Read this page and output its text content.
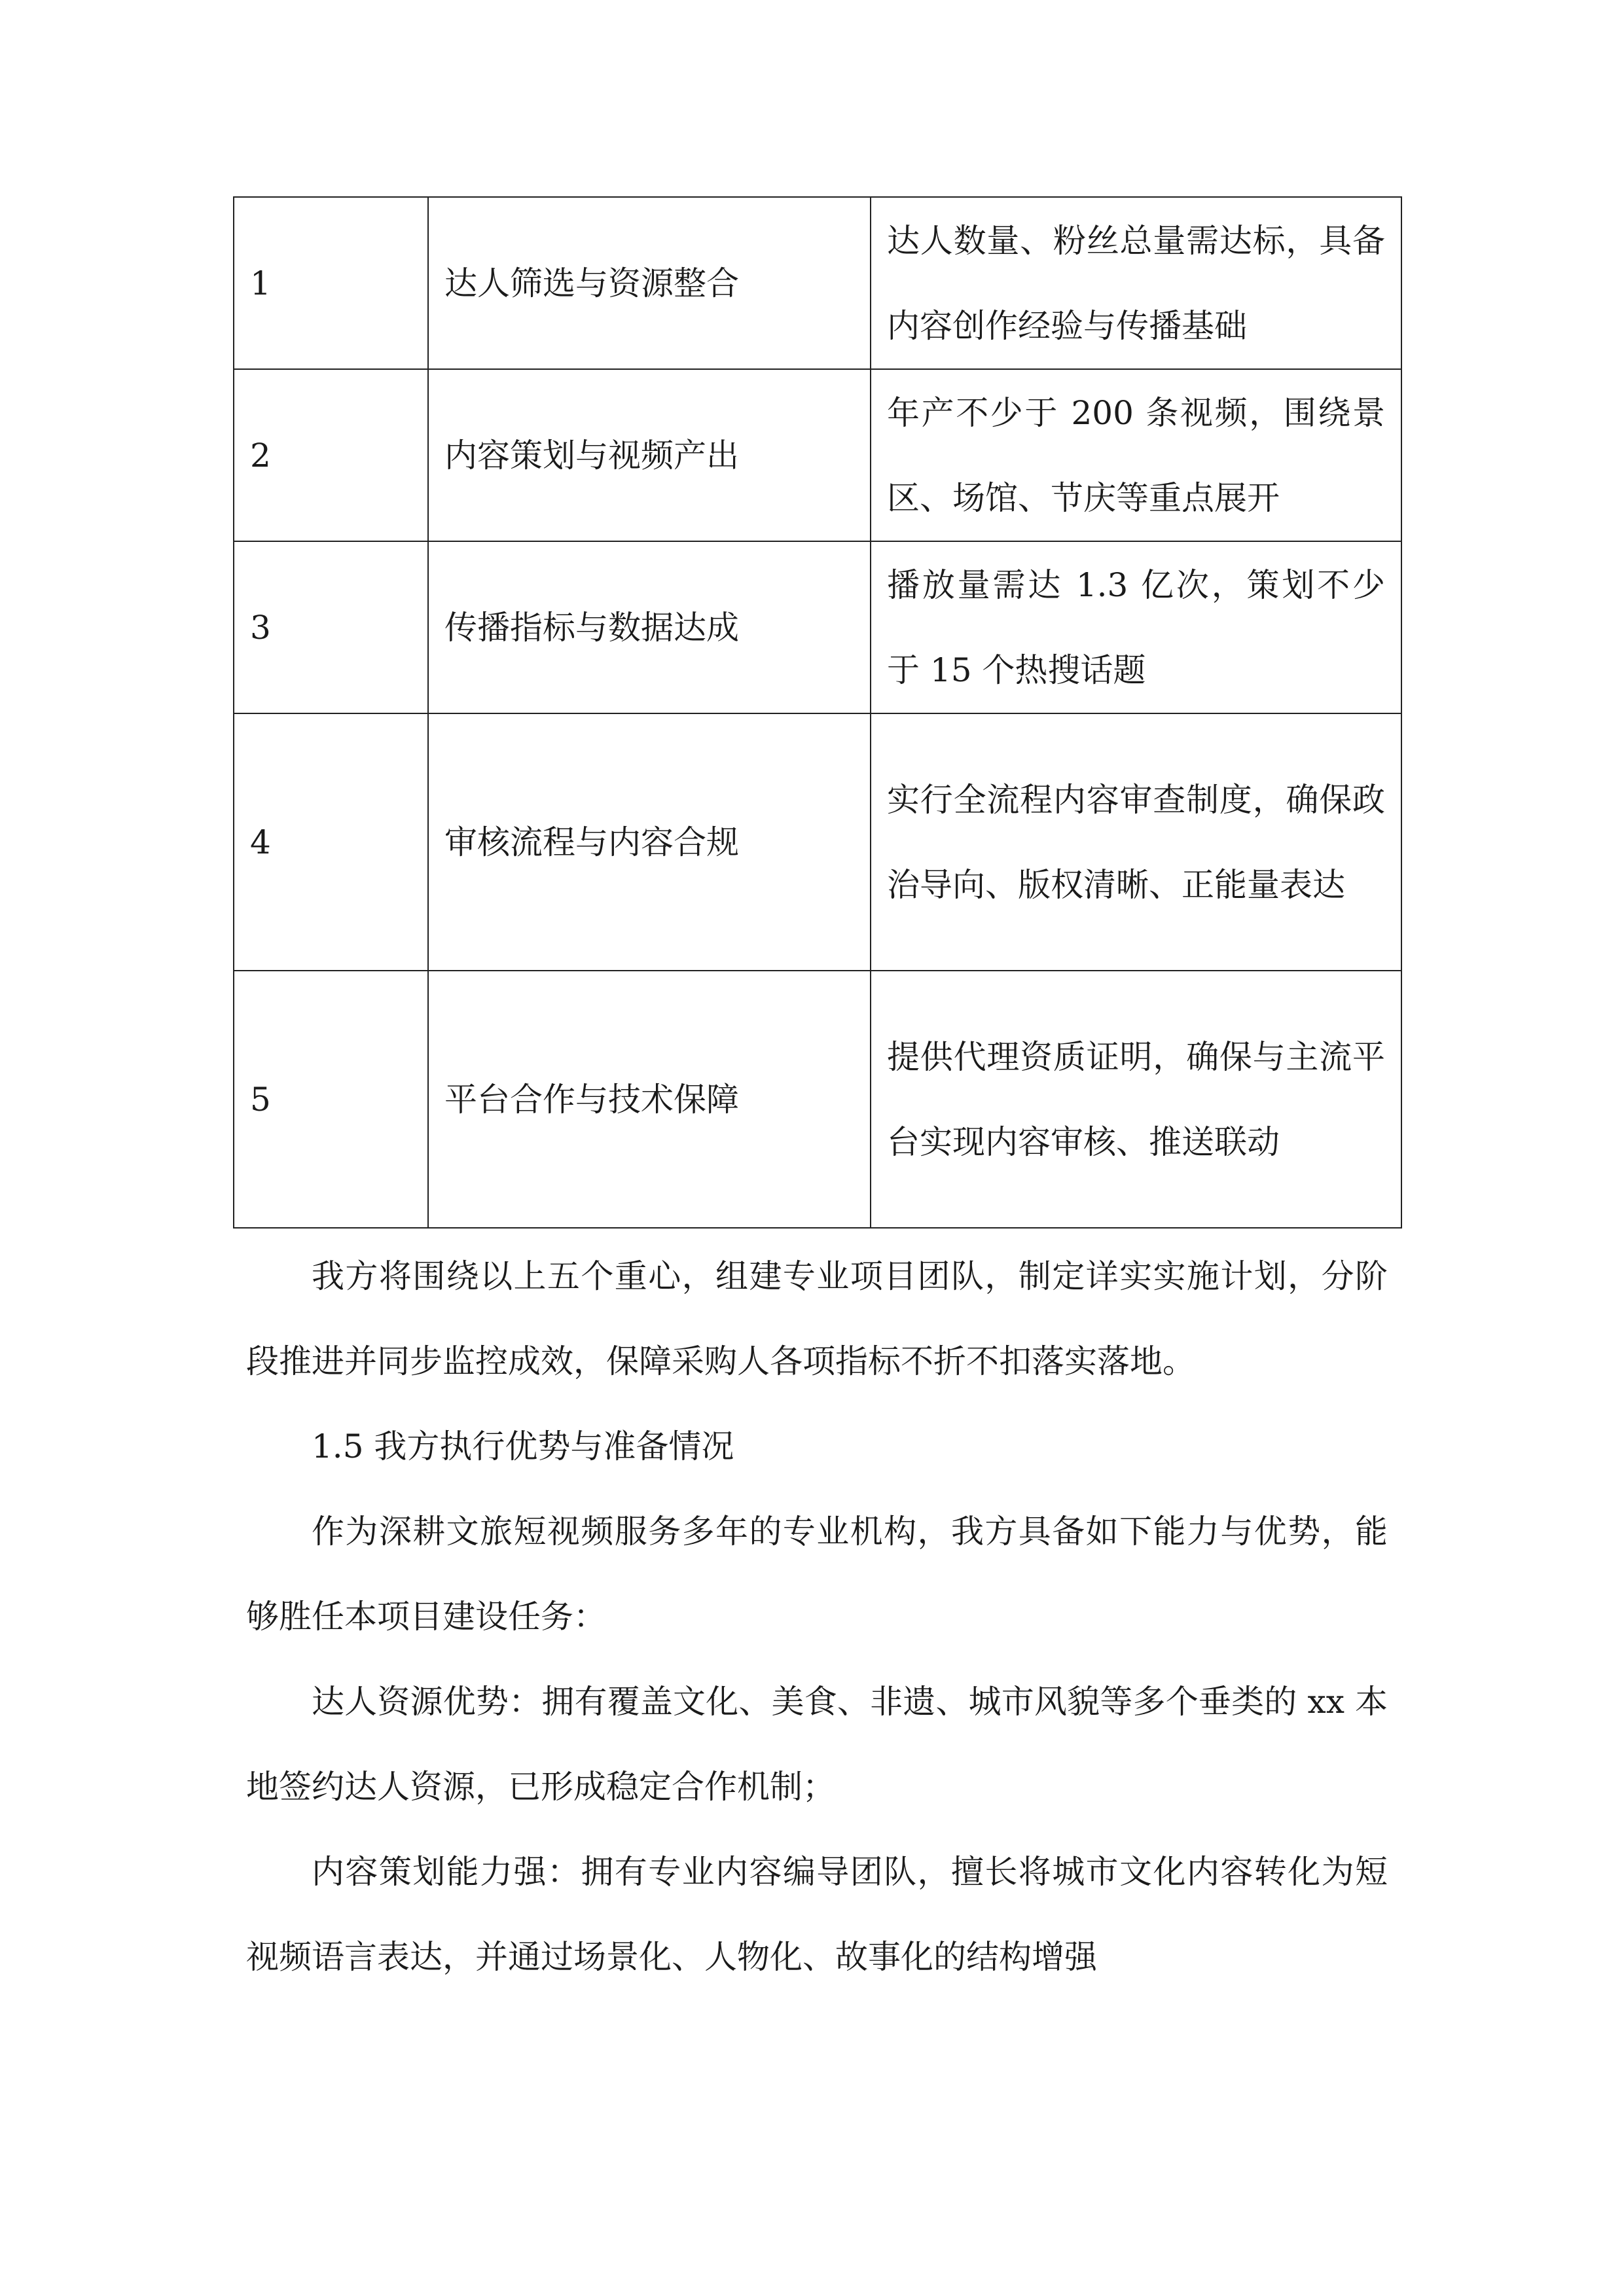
1	达人筛选与资源整合	达人数量、粉丝总量需达标，具备内容创作经验与传播基础
2	内容策划与视频产出	年产不少于 200 条视频，围绕景区、场馆、节庆等重点展开
3	传播指标与数据达成	播放量需达 1.3 亿次，策划不少于 15 个热搜话题
4	审核流程与内容合规	实行全流程内容审查制度，确保政治导向、版权清晰、正能量表达
5	平台合作与技术保障	提供代理资质证明，确保与主流平台实现内容审核、推送联动

我方将围绕以上五个重心，组建专业项目团队，制定详实实施计划，分阶段推进并同步监控成效，保障采购人各项指标不折不扣落实落地。

1.5 我方执行优势与准备情况

作为深耕文旅短视频服务多年的专业机构，我方具备如下能力与优势，能够胜任本项目建设任务：

达人资源优势：拥有覆盖文化、美食、非遗、城市风貌等多个垂类的 xx 本地签约达人资源，已形成稳定合作机制；

内容策划能力强：拥有专业内容编导团队，擅长将城市文化内容转化为短视频语言表达，并通过场景化、人物化、故事化的结构增强
